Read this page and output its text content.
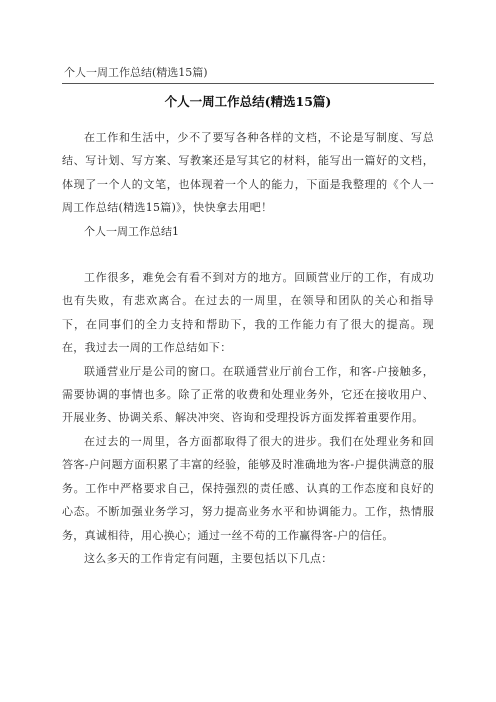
个人一周工作总结(精选15篇)
个人一周工作总结(精选15篇)

在工作和生活中，少不了要写各种各样的文档，不论是写制度、写总结、写计划、写方案、写教案还是写其它的材料，能写出一篇好的文档，体现了一个人的文笔，也体现着一个人的能力，下面是我整理的《个人一周工作总结(精选15篇)》，快快拿去用吧！

个人一周工作总结1

工作很多，难免会有看不到对方的地方。回顾营业厅的工作，有成功也有失败，有悲欢离合。在过去的一周里，在领导和团队的关心和指导下，在同事们的全力支持和帮助下，我的工作能力有了很大的提高。现在，我过去一周的工作总结如下：

联通营业厅是公司的窗口。在联通营业厅前台工作，和客-户接触多，需要协调的事情也多。除了正常的收费和处理业务外，它还在接收用户、开展业务、协调关系、解决冲突、咨询和受理投诉方面发挥着重要作用。

在过去的一周里，各方面都取得了很大的进步。我们在处理业务和回答客-户问题方面积累了丰富的经验，能够及时准确地为客-户提供满意的服务。工作中严格要求自己，保持强烈的责任感、认真的工作态度和良好的心态。不断加强业务学习，努力提高业务水平和协调能力。工作，热情服务，真诚相待，用心换心；通过一丝不苟的工作赢得客-户的信任。

这么多天的工作肯定有问题，主要包括以下几点：
